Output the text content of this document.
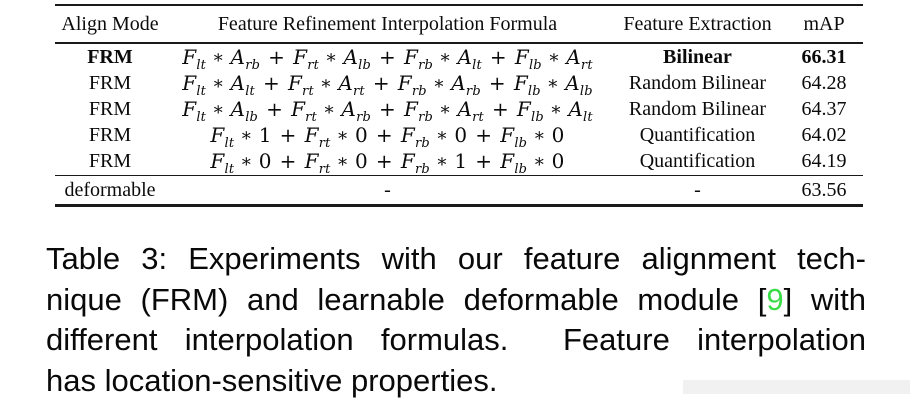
Align Mode	Feature Refinement Interpolation Formula	Feature Extraction	mAP
FRM	$F_{lt}$ ∗ $A_{rb} + F_{rt}$ ∗ $A_{lb} + F_{rb}$ ∗ $A_{lt} + F_{lb}$ ∗ $A_{rt}$	Bilinear	66.31
FRM	$F_{lt}$ ∗ $A_{lt} + F_{rt}$ ∗ $A_{rt} + F_{rb}$ ∗ $A_{rb} + F_{lb}$ ∗ $A_{lb}$	Random Bilinear	64.28
FRM	$F_{lt}$ ∗ $A_{lb} + F_{rt}$ ∗ $A_{rb} + F_{rb}$ ∗ $A_{rt} + F_{lb}$ ∗ $A_{lt}$	Random Bilinear	64.37
FRM	$F_{lt}$ ∗ $1 + F_{rt}$ ∗ $0 + F_{rb}$ ∗ $0 + F_{lb}$ ∗ 0	Quantification	64.02
FRM	$F_{lt}$ ∗ $0 + F_{rt}$ ∗ $0 + F_{rb}$ ∗ $1 + F_{lb}$ ∗ 0	Quantification	64.19
deformable	-	-	63.56
Table 3: Experiments with our feature alignment tech-
nique (FRM) and learnable deformable module [9] with
different interpolation formulas.  Feature interpolation
has location-sensitive properties.
